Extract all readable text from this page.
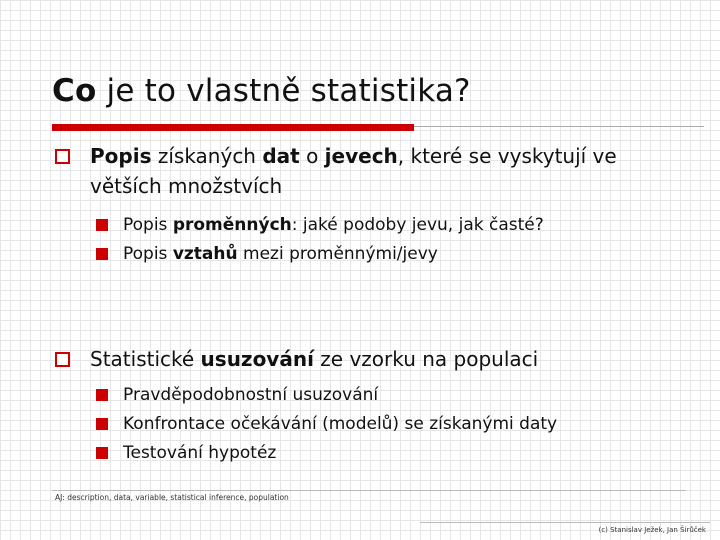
Co je to vlastně statistika?
Popis získaných dat o jevech, které se vyskytují ve
větších množstvích
Popis proměnných: jaké podoby jevu, jak časté?
Popis vztahů mezi proměnnými/jevy
Statistické usuzování ze vzorku na populaci
Pravděpodobnostní usuzování
Konfrontace očekávání (modelů) se získanými daty
Testování hypotéz
AJ: description, data, variable, statistical inference, population
(c) Stanislav Ježek, Jan Širůček
